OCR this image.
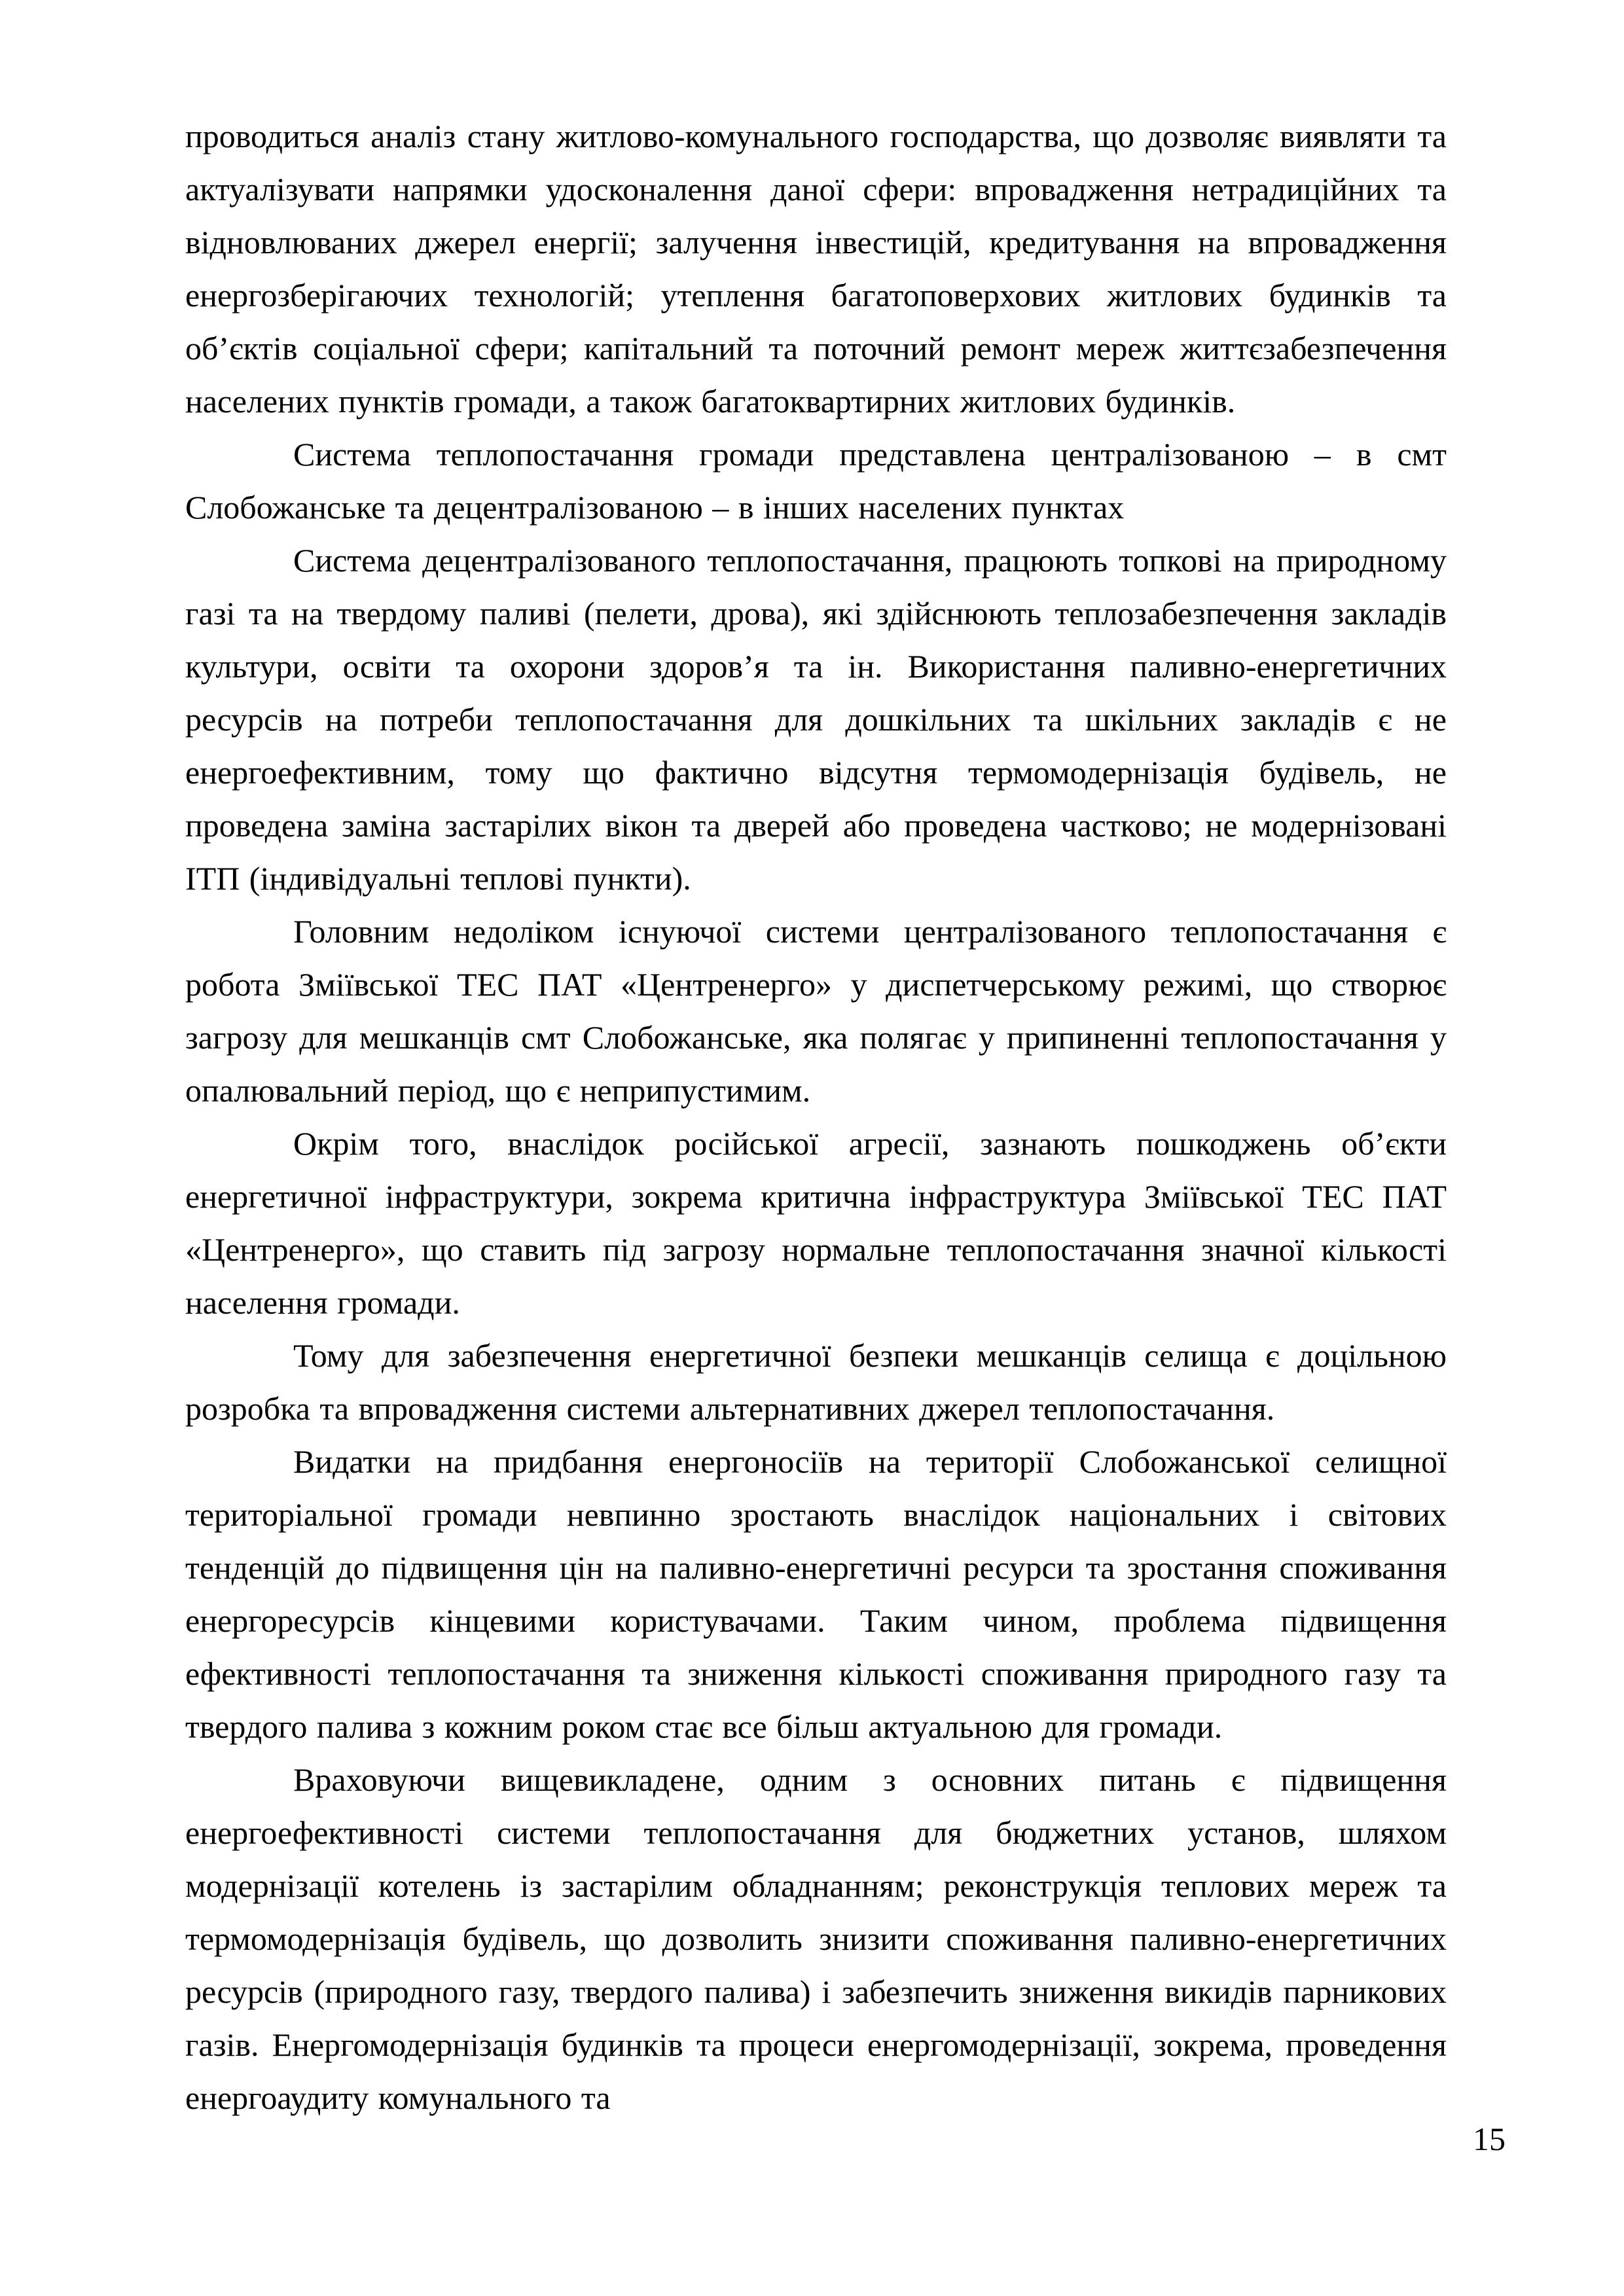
проводиться аналіз стану житлово-комунального господарства, що дозволяє виявляти та актуалізувати напрямки удосконалення даної сфери: впровадження нетрадиційних та відновлюваних джерел енергії; залучення інвестицій, кредитування на впровадження енергозберігаючих технологій; утеплення багатоповерхових житлових будинків та об’єктів соціальної сфери; капітальний та поточний ремонт мереж життєзабезпечення населених пунктів громади, а також багатоквартирних житлових будинків.

Система теплопостачання громади представлена централізованою – в смт Слобожанське та децентралізованою – в інших населених пунктах

Система децентралізованого теплопостачання, працюють топкові на природному газі та на твердому паливі (пелети, дрова), які здійснюють теплозабезпечення закладів культури, освіти та охорони здоров’я та ін. Використання паливно-енергетичних ресурсів на потреби теплопостачання для дошкільних та шкільних закладів є не енергоефективним, тому що фактично відсутня термомодернізація будівель, не проведена заміна застарілих вікон та дверей або проведена частково; не модернізовані ІТП (індивідуальні теплові пункти).

Головним недоліком існуючої системи централізованого теплопостачання є робота Зміївської ТЕС ПАТ «Центренерго» у диспетчерському режимі, що створює загрозу для мешканців смт Слобожанське, яка полягає у припиненні теплопостачання у опалювальний період, що є неприпустимим.

Окрім того, внаслідок російської агресії, зазнають пошкоджень об’єкти енергетичної інфраструктури, зокрема критична інфраструктура Зміївської ТЕС ПАТ «Центренерго», що ставить під загрозу нормальне теплопостачання значної кількості населення громади.

Тому для забезпечення енергетичної безпеки мешканців селища є доцільною розробка та впровадження системи альтернативних джерел теплопостачання.

Видатки на придбання енергоносіїв на території Слобожанської селищної територіальної громади невпинно зростають внаслідок національних і світових тенденцій до підвищення цін на паливно-енергетичні ресурси та зростання споживання енергоресурсів кінцевими користувачами. Таким чином, проблема підвищення ефективності теплопостачання та зниження кількості споживання природного газу та твердого палива з кожним роком стає все більш актуальною для громади.

Враховуючи вищевикладене, одним з основних питань є підвищення енергоефективності системи теплопостачання для бюджетних установ, шляхом модернізації котелень із застарілим обладнанням; реконструкція теплових мереж та термомодернізація будівель, що дозволить знизити споживання паливно-енергетичних ресурсів (природного газу, твердого палива) і забезпечить зниження викидів парникових газів. Енергомодернізація будинків та процеси енергомодернізації, зокрема, проведення енергоаудиту комунального та

15
